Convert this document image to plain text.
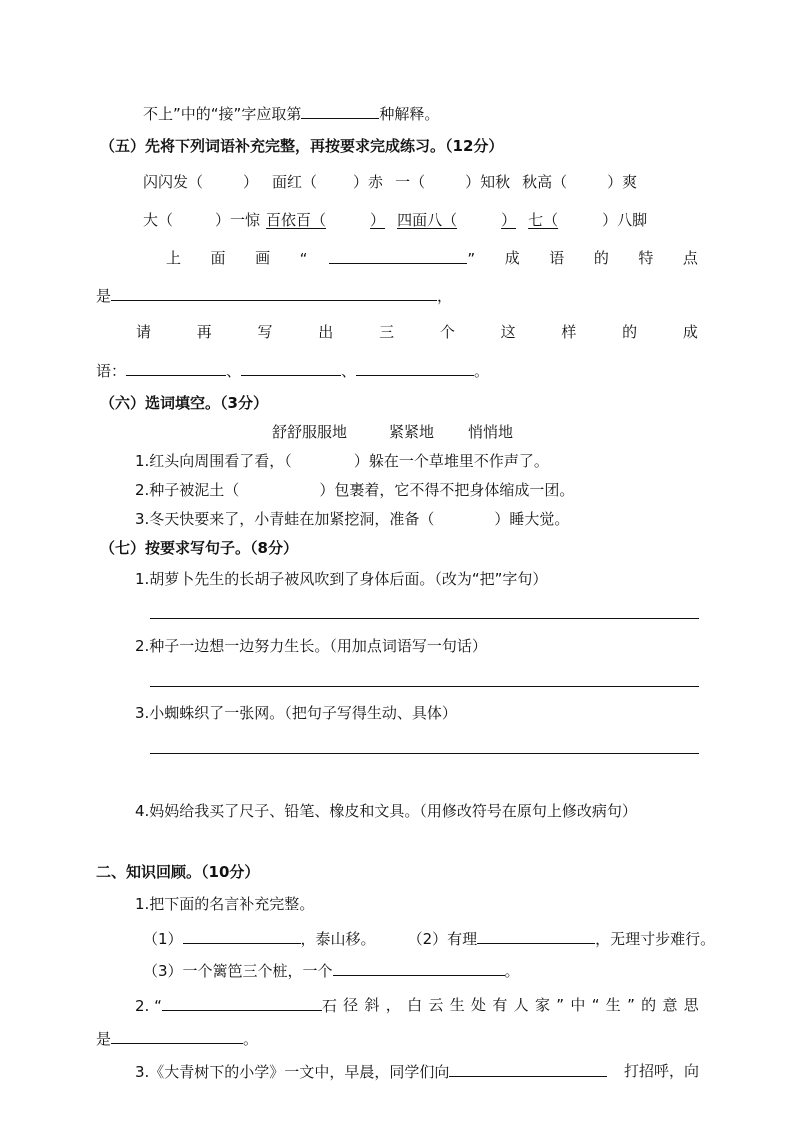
不上”中的“接”字应取第	种解释。
（五）先将下列词语补充完整，再按要求完成练习。（12分）
闪闪发（	） 面红（ ）赤 一（	）知秋 秋高（	）爽
大（	）一惊 百依百（	） 四面八（	） 七（	）八脚
上 面 画 “	” 成 语 的 特 点
是	，
请	再	写	出	三	个	这	样	的	成
语：	、	、	。
（六）选词填空。（3分）
舒舒服服地	紧紧地 悄悄地
1.红头向周围看了看，（	）躲在一个草堆里不作声了。
2.种子被泥土（	）包裹着，它不得不把身体缩成一团。
3.冬天快要来了，小青蛙在加紧挖洞，准备（	）睡大觉。
（七）按要求写句子。（8分）
1.胡萝卜先生的长胡子被风吹到了身体后面。（改为“把”字句）
2.种子一边想一边努力生长。（用加点词语写一句话）
3.小蜘蛛织了一张网。（把句子写得生动、具体）
4.妈妈给我买了尺子、铅笔、橡皮和文具。（用修改符号在原句上修改病句）
二、知识回顾。（10分）
1.把下面的名言补充完整。
（1）	，泰山移。 （2）有理	，无理寸步难行。
（3）一个篱笆三个桩，一个	。
2. “	石 径 斜 ， 白 云 生 处 有 人 家 ” 中 “ 生 ” 的 意 思
是	。
3.《大青树下的小学》一文中，早晨，同学们向	打招呼，向
